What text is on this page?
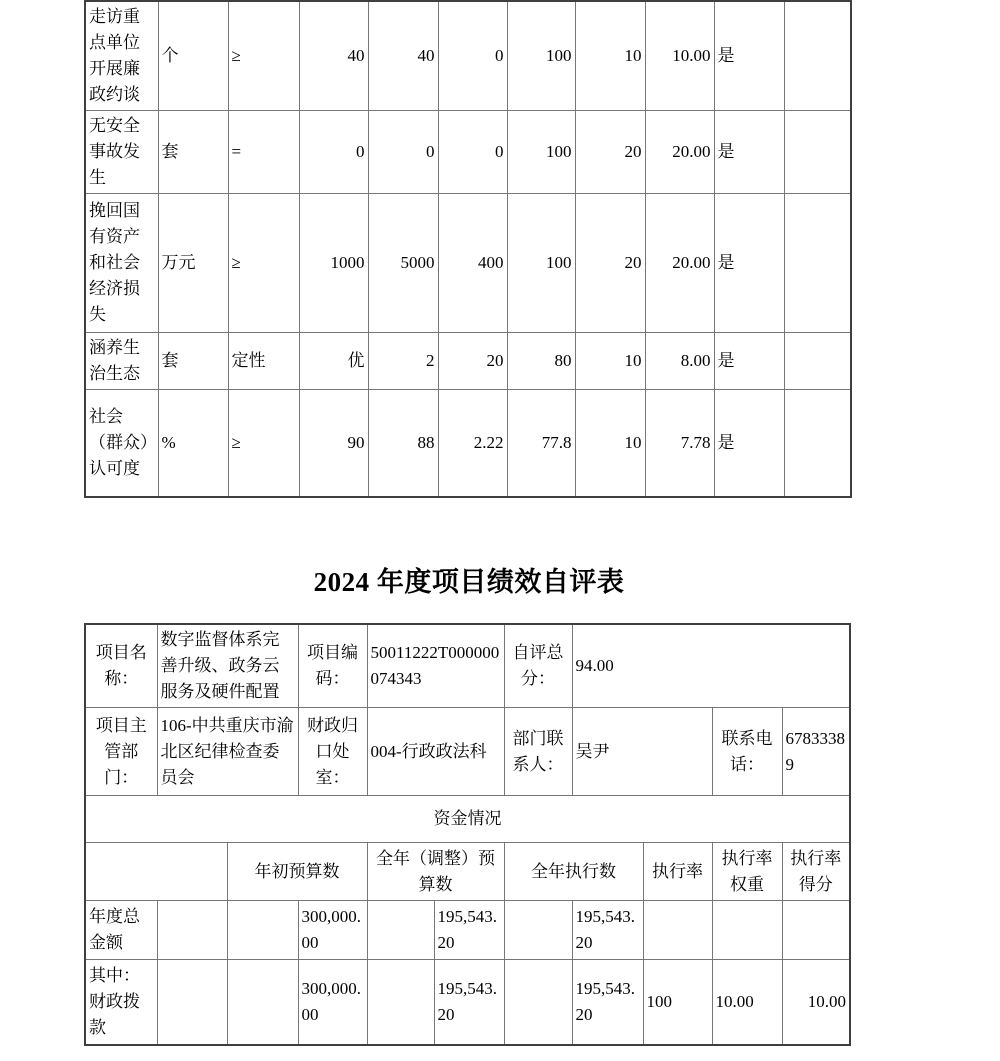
走访重点单位开展廉政约谈	个	≥	40	40	0	100	10	10.00	是	
无安全事故发生	套	=	0	0	0	100	20	20.00	是	
挽回国有资产和社会经济损失	万元	≥	1000	5000	400	100	20	20.00	是	
涵养生治生态	套	定性	优	2	20	80	10	8.00	是	
社会（群众）认可度	%	≥	90	88	2.22	77.8	10	7.78	是	
2024 年度项目绩效自评表
项目名称：	数字监督体系完善升级、政务云服务及硬件配置		项目编码：	50011222T000000074343		自评总分：	94.00			
项目主管部门：	106-中共重庆市渝北区纪律检查委员会		财政归口处室：	004-行政政法科		部门联系人：	吴尹		联系电话：	67833389
资金情况										
		年初预算数		全年（调整）预算数		全年执行数		执行率	执行率权重	执行率得分
年度总金额			300,000.00		195,543.20		195,543.20			
其中：财政拨款			300,000.00		195,543.20		195,543.20	100	10.00	10.00
